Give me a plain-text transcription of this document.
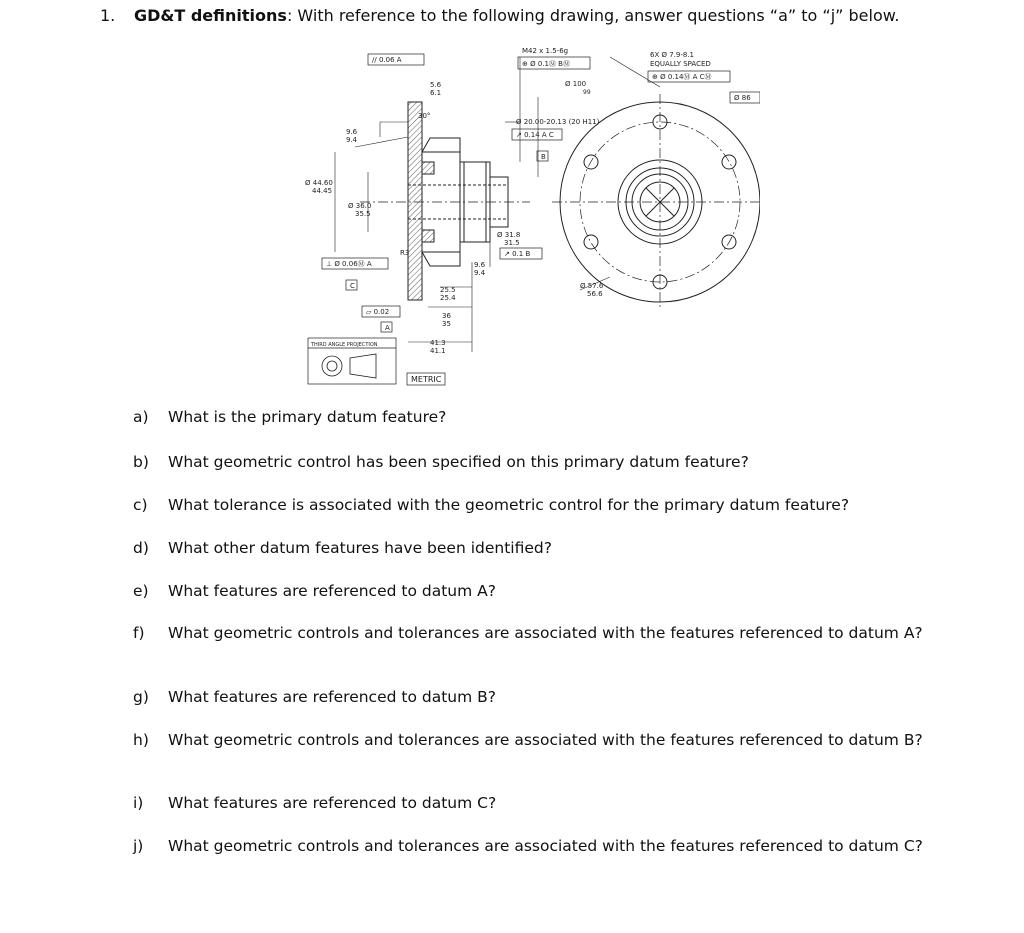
1. GD&T definitions: With reference to the following drawing, answer questions “a” to “j” below.
// 0.06 A
M42 x 1.5-6g
⊕ Ø 0.1Ⓜ BⓂ
Ø 100
99
6X Ø 7.9-8.1
EQUALLY SPACED
⊕ Ø 0.14Ⓜ A CⓂ
Ø 86
5.6
6.1
30°
Ø 20.00-20.13 (20 H11)
↗ 0.14 A C
B
9.6
9.4
Ø 44.60
44.45
Ø 36.0
35.5
Ø 31.8
31.5
↗ 0.1 B
⊥ Ø 0.06Ⓜ A
C
R3
9.6
9.4
25.5
25.4
Ø 57.6
56.6
▱ 0.02
A
36
35
41.3
41.1
THIRD ANGLE PROJECTION
METRIC
a) What is the primary datum feature?
b) What geometric control has been specified on this primary datum feature?
c) What tolerance is associated with the geometric control for the primary datum feature?
d) What other datum features have been identified?
e) What features are referenced to datum A?
f) What geometric controls and tolerances are associated with the features referenced to datum A?
g) What features are referenced to datum B?
h) What geometric controls and tolerances are associated with the features referenced to datum B?
i) What features are referenced to datum C?
j) What geometric controls and tolerances are associated with the features referenced to datum C?
